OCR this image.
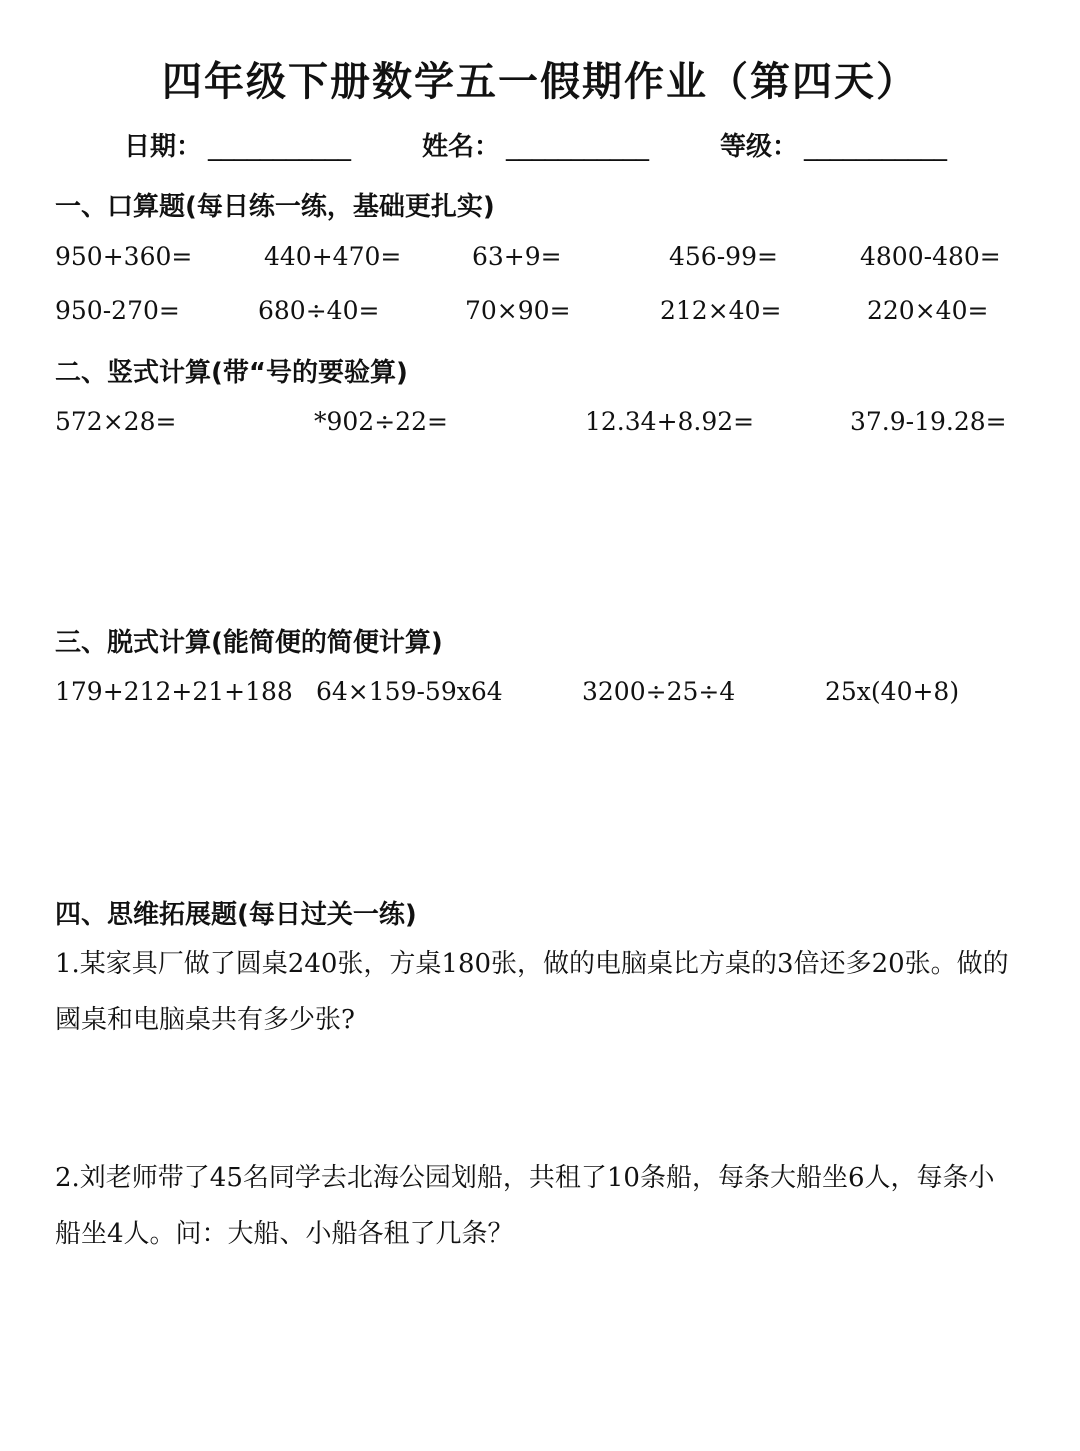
四年级下册数学五一假期作业（第四天）
日期： ___________	姓名： ___________	等级： ___________
一、口算题(每日练一练，基础更扎实)
950+360=	440+470=	63+9=	456-99=	4800-480=
950-270=	680÷40=	70×90=	212×40=	220×40=
二、竖式计算(带“号的要验算)
572×28=	*902÷22=	12.34+8.92=	37.9-19.28=
三、脱式计算(能简便的简便计算)
179+212+21+188 64×159-59x64	3200÷25÷4	25x(40+8)
四、思维拓展题(每日过关一练)
1.某家具厂做了圆桌240张，方桌180张，做的电脑桌比方桌的3倍还多20张。做的國桌和电脑桌共有多少张?
2.刘老师带了45名同学去北海公园划船，共租了10条船，每条大船坐6人，每条小船坐4人。问：大船、小船各租了几条？
